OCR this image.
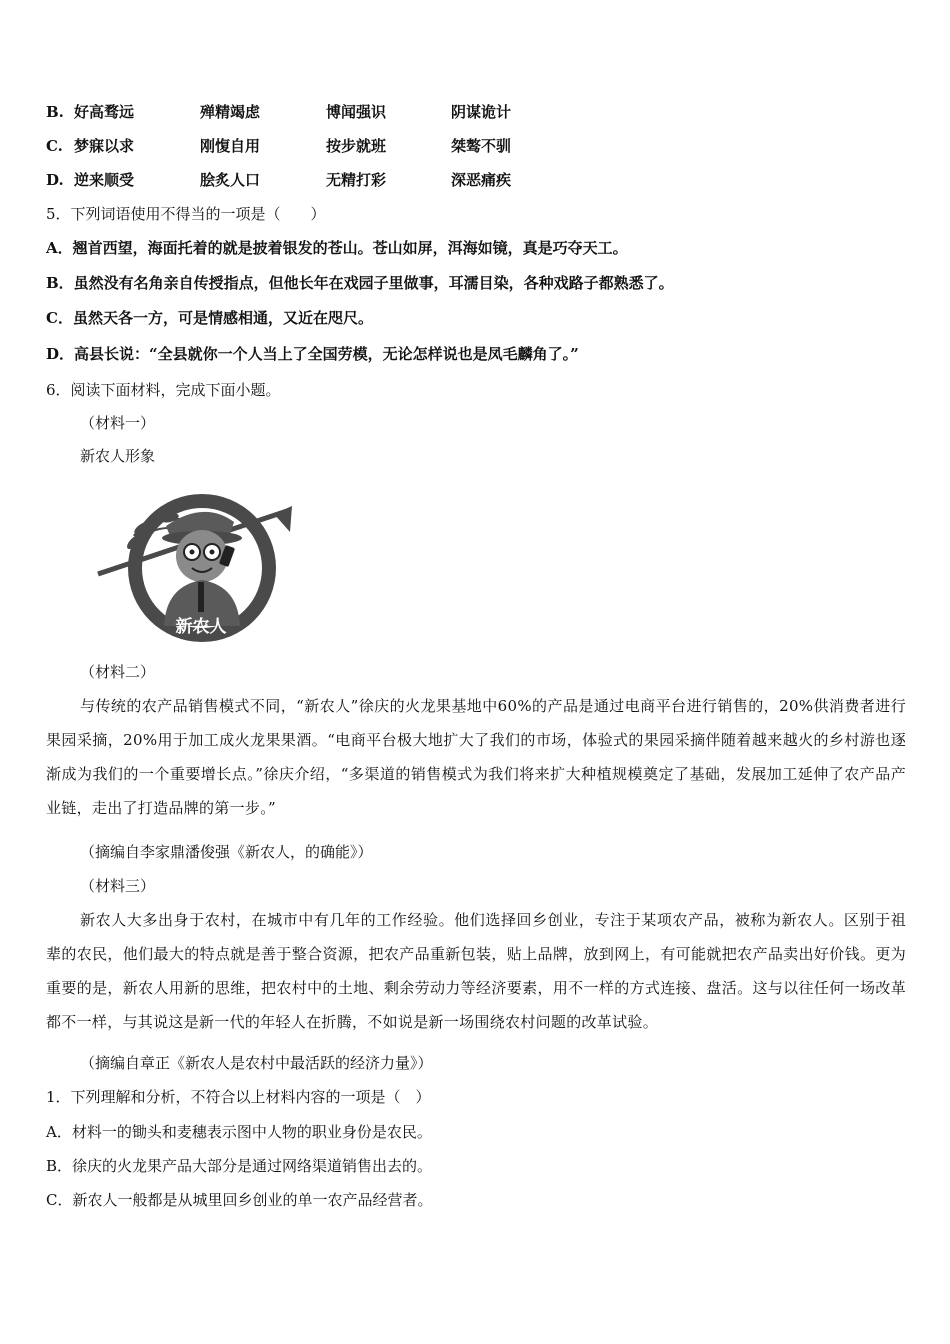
B. 好高骛远	殚精竭虑	博闻强识	阴谋诡计
C. 梦寐以求	刚愎自用	按步就班	桀骜不驯
D. 逆来顺受	脍炙人口	无精打彩	深恶痛疾
5．下列词语使用不得当的一项是（　　）
A．翘首西望，海面托着的就是披着银发的苍山。苍山如屏，洱海如镜，真是巧夺天工。
B．虽然没有名角亲自传授指点，但他长年在戏园子里做事，耳濡目染，各种戏路子都熟悉了。
C．虽然天各一方，可是情感相通，又近在咫尺。
D．高县长说：“全县就你一个人当上了全国劳模，无论怎样说也是凤毛麟角了。”
6．阅读下面材料，完成下面小题。
（材料一）
新农人形象
新农人
（材料二）
与传统的农产品销售模式不同，“新农人”徐庆的火龙果基地中60%的产品是通过电商平台进行销售的，20%供消费者进行果园采摘，20%用于加工成火龙果果酒。“电商平台极大地扩大了我们的市场，体验式的果园采摘伴随着越来越火的乡村游也逐渐成为我们的一个重要增长点。”徐庆介绍，“多渠道的销售模式为我们将来扩大种植规模奠定了基础，发展加工延伸了农产品产业链，走出了打造品牌的第一步。”
（摘编自李家鼎潘俊强《新农人，的确能》）
（材料三）
新农人大多出身于农村，在城市中有几年的工作经验。他们选择回乡创业，专注于某项农产品，被称为新农人。区别于祖辈的农民，他们最大的特点就是善于整合资源，把农产品重新包装，贴上品牌，放到网上，有可能就把农产品卖出好价钱。更为重要的是，新农人用新的思维，把农村中的土地、剩余劳动力等经济要素，用不一样的方式连接、盘活。这与以往任何一场改革都不一样，与其说这是新一代的年轻人在折腾，不如说是新一场围绕农村问题的改革试验。
（摘编自章正《新农人是农村中最活跃的经济力量》）
1．下列理解和分析，不符合以上材料内容的一项是（　）
A．材料一的锄头和麦穗表示图中人物的职业身份是农民。
B．徐庆的火龙果产品大部分是通过网络渠道销售出去的。
C．新农人一般都是从城里回乡创业的单一农产品经营者。
